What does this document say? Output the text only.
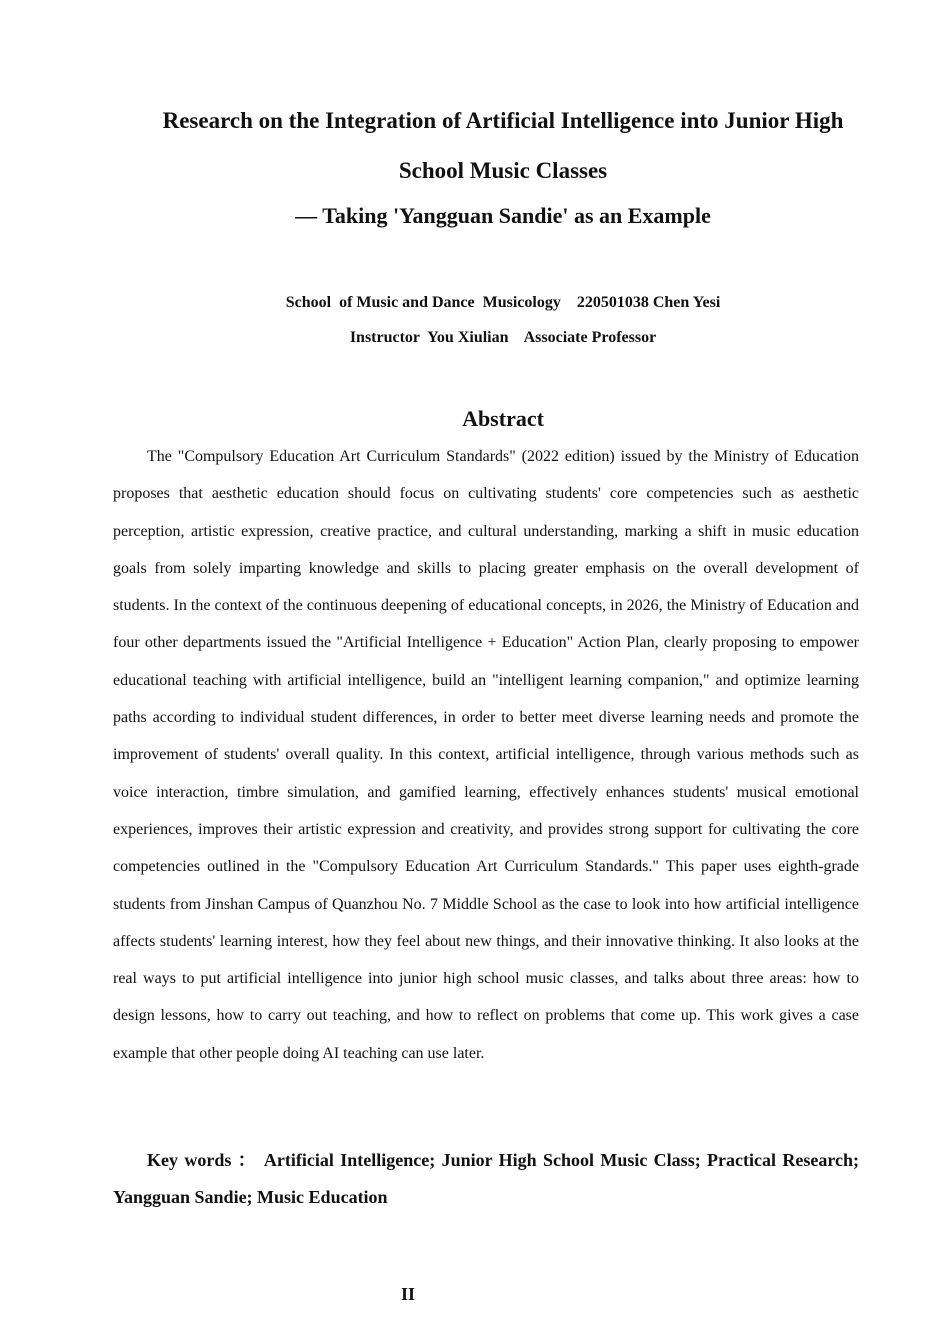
Research on the Integration of Artificial Intelligence into Junior High
School Music Classes
— Taking 'Yangguan Sandie' as an Example
School  of Music and Dance  Musicology    220501038 Chen Yesi
Instructor  You Xiulian    Associate Professor
Abstract

The "Compulsory Education Art Curriculum Standards" (2022 edition) issued by the Ministry of Education proposes that aesthetic education should focus on cultivating students' core competencies such as aesthetic perception, artistic expression, creative practice, and cultural understanding, marking a shift in music education goals from solely imparting knowledge and skills to placing greater emphasis on the overall development of students. In the context of the continuous deepening of educational concepts, in 2026, the Ministry of Education and four other departments issued the "Artificial Intelligence + Education" Action Plan, clearly proposing to empower educational teaching with artificial intelligence, build an "intelligent learning companion," and optimize learning paths according to individual student differences, in order to better meet diverse learning needs and promote the improvement of students' overall quality. In this context, artificial intelligence, through various methods such as voice interaction, timbre simulation, and gamified learning, effectively enhances students' musical emotional experiences, improves their artistic expression and creativity, and provides strong support for cultivating the core competencies outlined in the "Compulsory Education Art Curriculum Standards." This paper uses eighth-grade students from Jinshan Campus of Quanzhou No. 7 Middle School as the case to look into how artificial intelligence affects students' learning interest, how they feel about new things, and their innovative thinking. It also looks at the real ways to put artificial intelligence into junior high school music classes, and talks about three areas: how to design lessons, how to carry out teaching, and how to reflect on problems that come up. This work gives a case example that other people doing AI teaching can use later.

Key words ： Artificial Intelligence; Junior High School Music Class; Practical Research; Yangguan Sandie; Music Education

II
